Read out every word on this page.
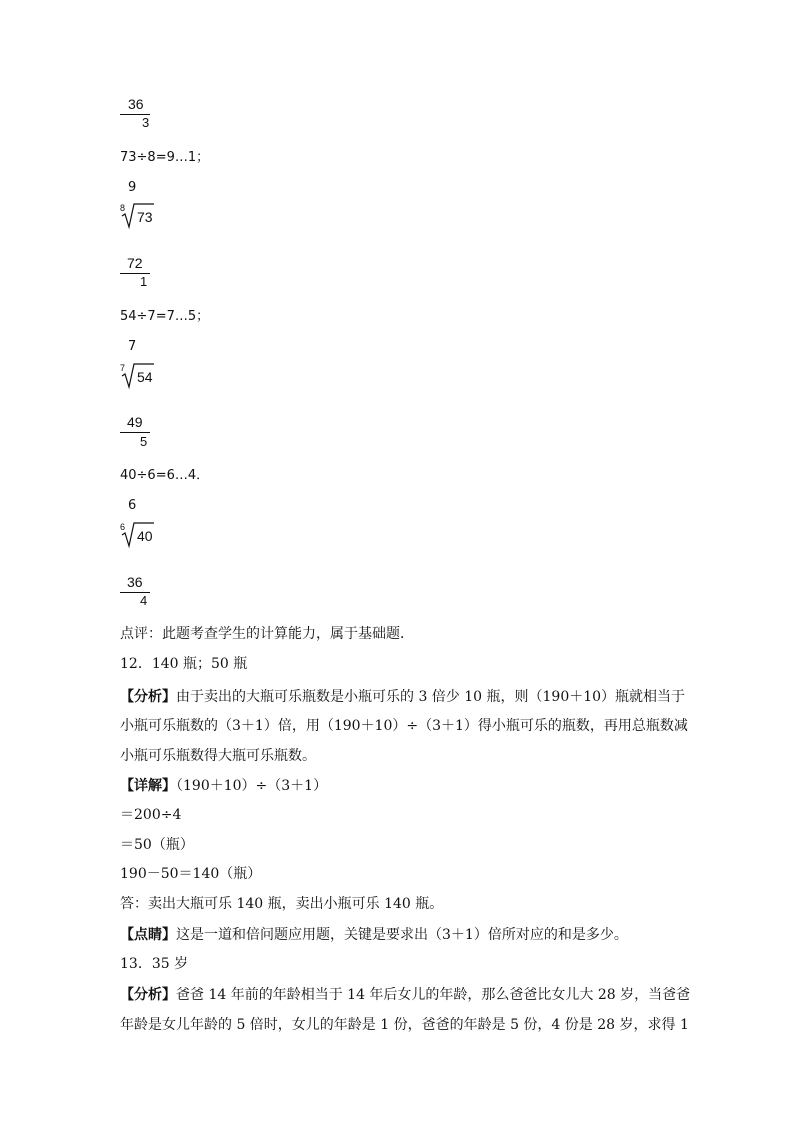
36
3
73÷8=9…1；
9
8
73
72
1
54÷7=7…5；
7
7
54
49
5
40÷6=6…4．
6
6
40
36
4
点评：此题考查学生的计算能力，属于基础题．
12．140 瓶；50 瓶
【分析】由于卖出的大瓶可乐瓶数是小瓶可乐的 3 倍少 10 瓶，则（190＋10）瓶就相当于
小瓶可乐瓶数的（3＋1）倍，用（190＋10）÷（3＋1）得小瓶可乐的瓶数，再用总瓶数减
小瓶可乐瓶数得大瓶可乐瓶数。
【详解】（190＋10）÷（3＋1）
＝200÷4
＝50（瓶）
190－50＝140（瓶）
答：卖出大瓶可乐 140 瓶，卖出小瓶可乐 140 瓶。
【点睛】这是一道和倍问题应用题，关键是要求出（3＋1）倍所对应的和是多少。
13．35 岁
【分析】爸爸 14 年前的年龄相当于 14 年后女儿的年龄，那么爸爸比女儿大 28 岁，当爸爸
年龄是女儿年龄的 5 倍时，女儿的年龄是 1 份，爸爸的年龄是 5 份，4 份是 28 岁，求得 1
